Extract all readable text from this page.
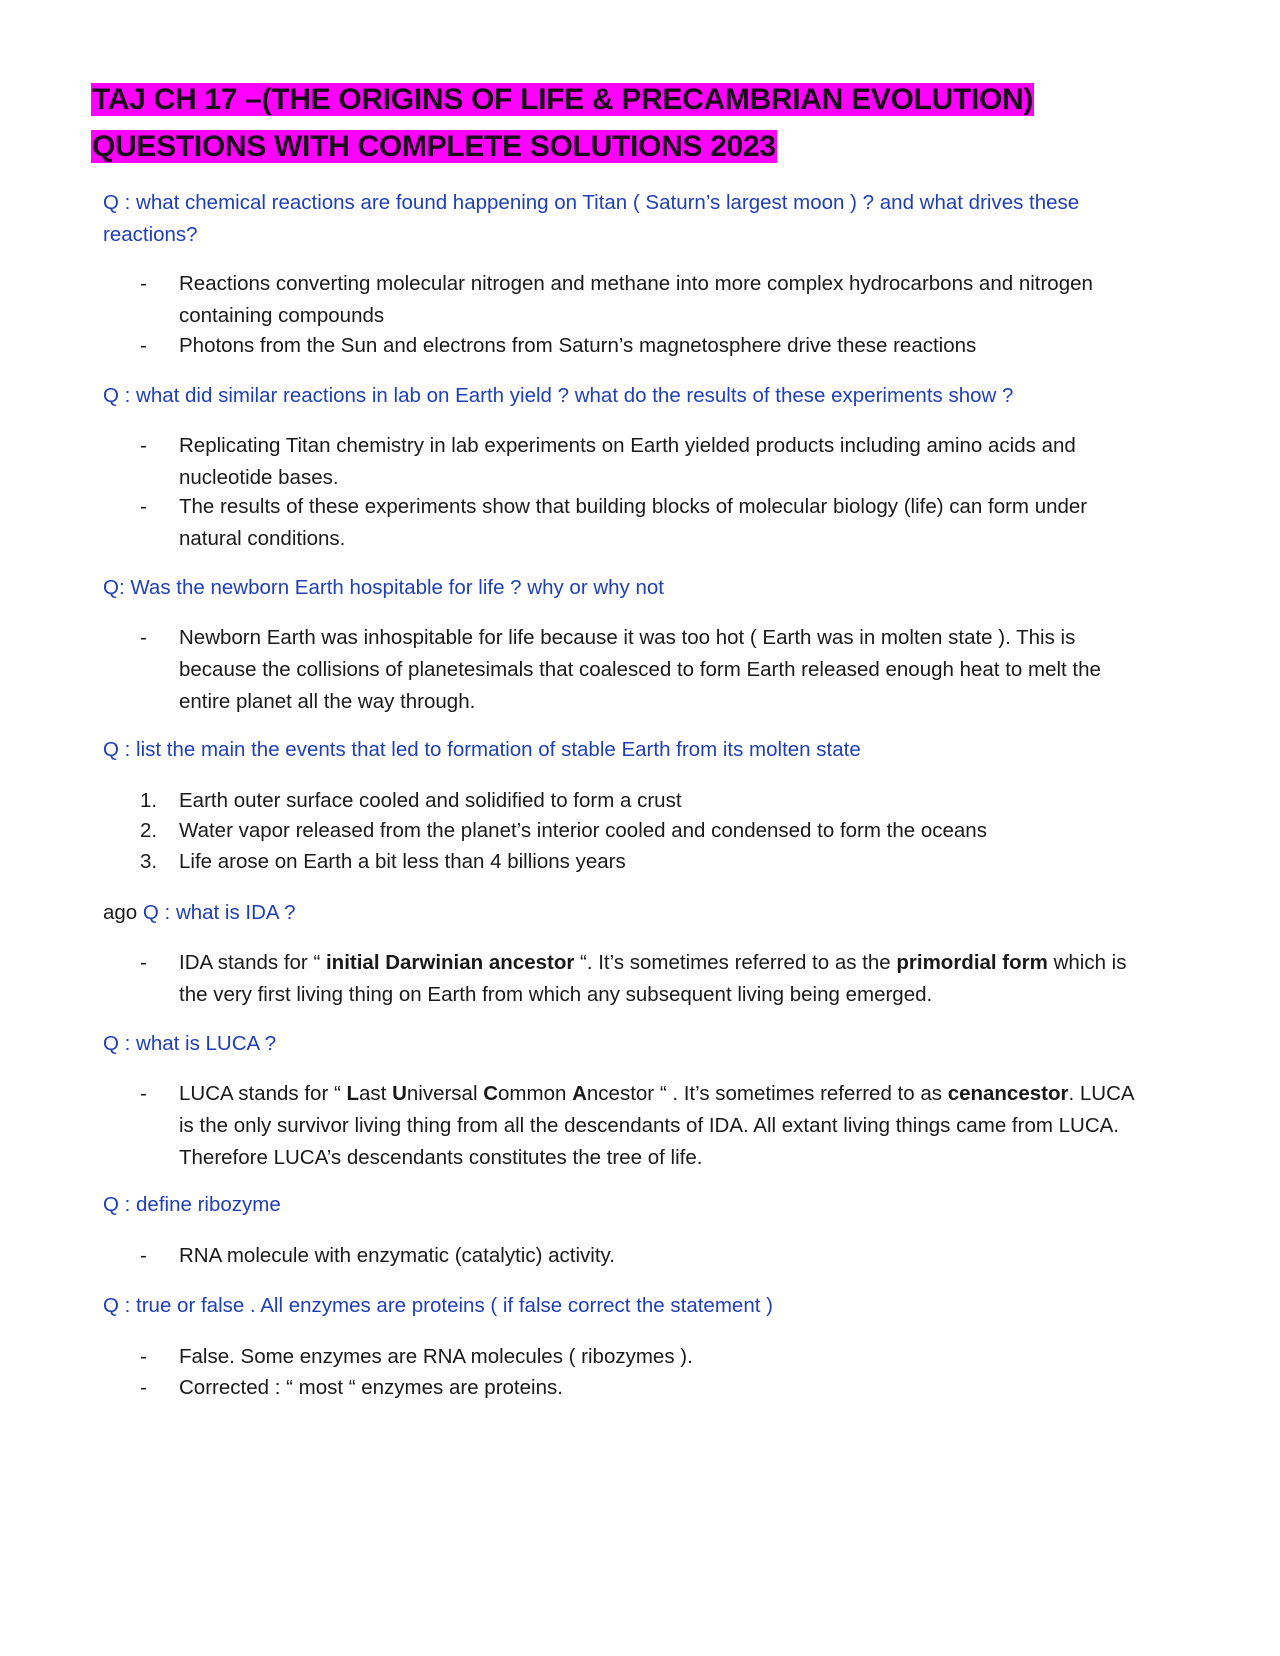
TAJ CH 17 –(THE ORIGINS OF LIFE & PRECAMBRIAN EVOLUTION)
QUESTIONS WITH COMPLETE SOLUTIONS 2023

Q : what chemical reactions are found happening on Titan ( Saturn’s largest moon ) ? and what drives these reactions?

-	Reactions converting molecular nitrogen and methane into more complex hydrocarbons and nitrogen containing compounds
-	Photons from the Sun and electrons from Saturn’s magnetosphere drive these reactions

Q : what did similar reactions in lab on Earth yield ? what do the results of these experiments show ?

-	Replicating Titan chemistry in lab experiments on Earth yielded products including amino acids and nucleotide bases.
-	The results of these experiments show that building blocks of molecular biology (life) can form under natural conditions.

Q: Was the newborn Earth hospitable for life ? why or why not

-	Newborn Earth was inhospitable for life because it was too hot ( Earth was in molten state ). This is because the collisions of planetesimals that coalesced to form Earth released enough heat to melt the entire planet all the way through.

Q : list the main the events that led to formation of stable Earth from its molten state

1.	Earth outer surface cooled and solidified to form a crust
2.	Water vapor released from the planet’s interior cooled and condensed to form the oceans
3.	Life arose on Earth a bit less than 4 billions years

ago Q : what is IDA ?

-	IDA stands for “ initial Darwinian ancestor “. It’s sometimes referred to as the primordial form which is the very first living thing on Earth from which any subsequent living being emerged.

Q : what is LUCA ?

-	LUCA stands for “ Last Universal Common Ancestor “ . It’s sometimes referred to as cenancestor. LUCA is the only survivor living thing from all the descendants of IDA. All extant living things came from LUCA. Therefore LUCA’s descendants constitutes the tree of life.

Q : define ribozyme

-	RNA molecule with enzymatic (catalytic) activity.

Q : true or false . All enzymes are proteins ( if false correct the statement )

-	False. Some enzymes are RNA molecules ( ribozymes ).
-	Corrected : “ most “ enzymes are proteins.
